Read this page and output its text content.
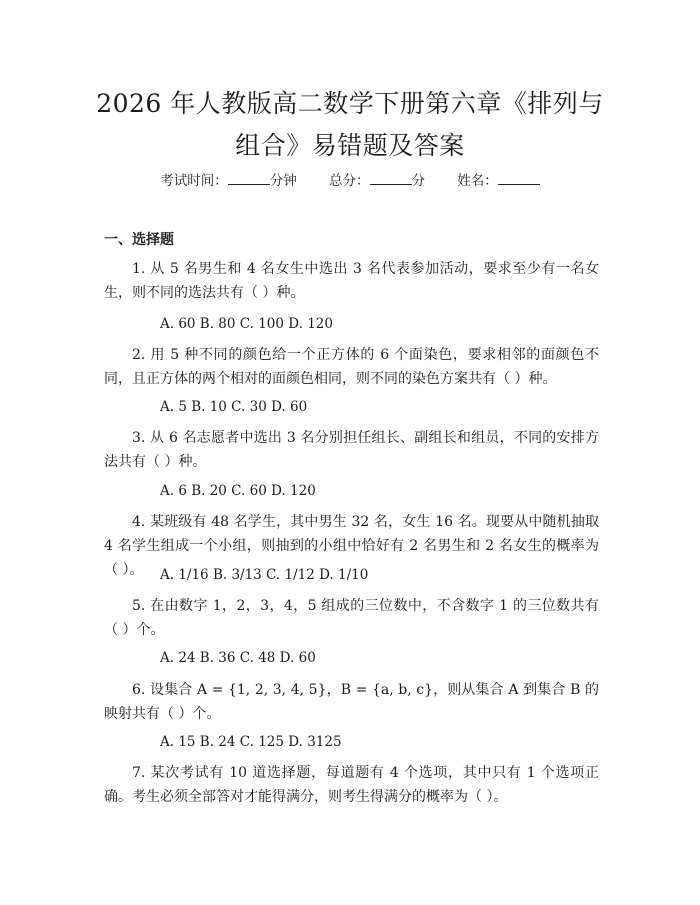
2026 年人教版高二数学下册第六章《排列与
组合》易错题及答案
考试时间：	分钟 总分：	分 姓名：
一、选择题
1. 从 5 名男生和 4 名女生中选出 3 名代表参加活动，要求至少有一名女生，则不同的选法共有（ ）种。
A. 60 B. 80 C. 100 D. 120
2. 用 5 种不同的颜色给一个正方体的 6 个面染色，要求相邻的面颜色不同，且正方体的两个相对的面颜色相同，则不同的染色方案共有（ ）种。
A. 5 B. 10 C. 30 D. 60
3. 从 6 名志愿者中选出 3 名分别担任组长、副组长和组员，不同的安排方法共有（ ）种。
A. 6 B. 20 C. 60 D. 120
4. 某班级有 48 名学生，其中男生 32 名，女生 16 名。现要从中随机抽取 4 名学生组成一个小组，则抽到的小组中恰好有 2 名男生和 2 名女生的概率为（ ）。	A. 1/16 B. 3/13 C. 1/12 D. 1/10
5. 在由数字 1，2，3，4，5 组成的三位数中，不含数字 1 的三位数共有（ ）个。
A. 24 B. 36 C. 48 D. 60
6. 设集合 A = {1, 2, 3, 4, 5}，B = {a, b, c}，则从集合 A 到集合 B 的映射共有（ ）个。
A. 15 B. 24 C. 125 D. 3125
7. 某次考试有 10 道选择题，每道题有 4 个选项，其中只有 1 个选项正确。考生必须全部答对才能得满分，则考生得满分的概率为（ ）。
